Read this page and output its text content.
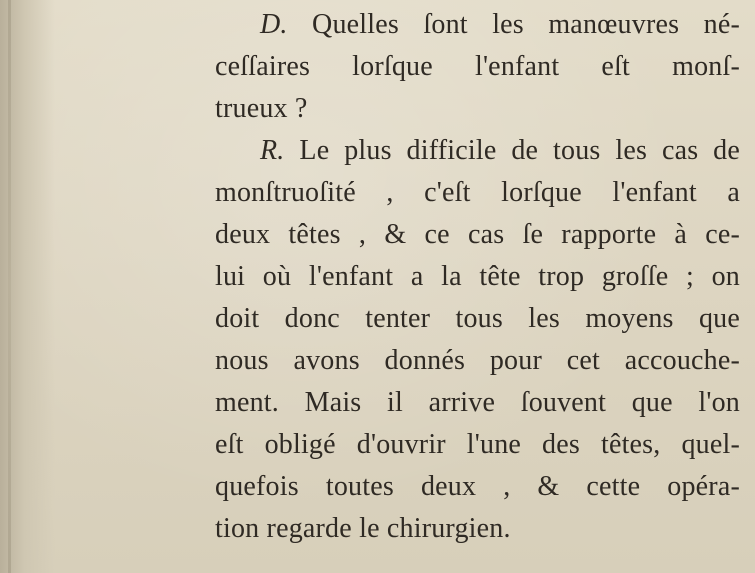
D. Quelles ſont les manœuvres né-
ceſſaires lorſque l'enfant eſt monſ-
trueux ?
R. Le plus difficile de tous les cas de
monſtruoſité , c'eſt lorſque l'enfant a
deux têtes , & ce cas ſe rapporte à ce-
lui où l'enfant a la tête trop groſſe ; on
doit donc tenter tous les moyens que
nous avons donnés pour cet accouche-
ment. Mais il arrive ſouvent que l'on
eſt obligé d'ouvrir l'une des têtes, quel-
quefois toutes deux , & cette opéra-
tion regarde le chirurgien.
